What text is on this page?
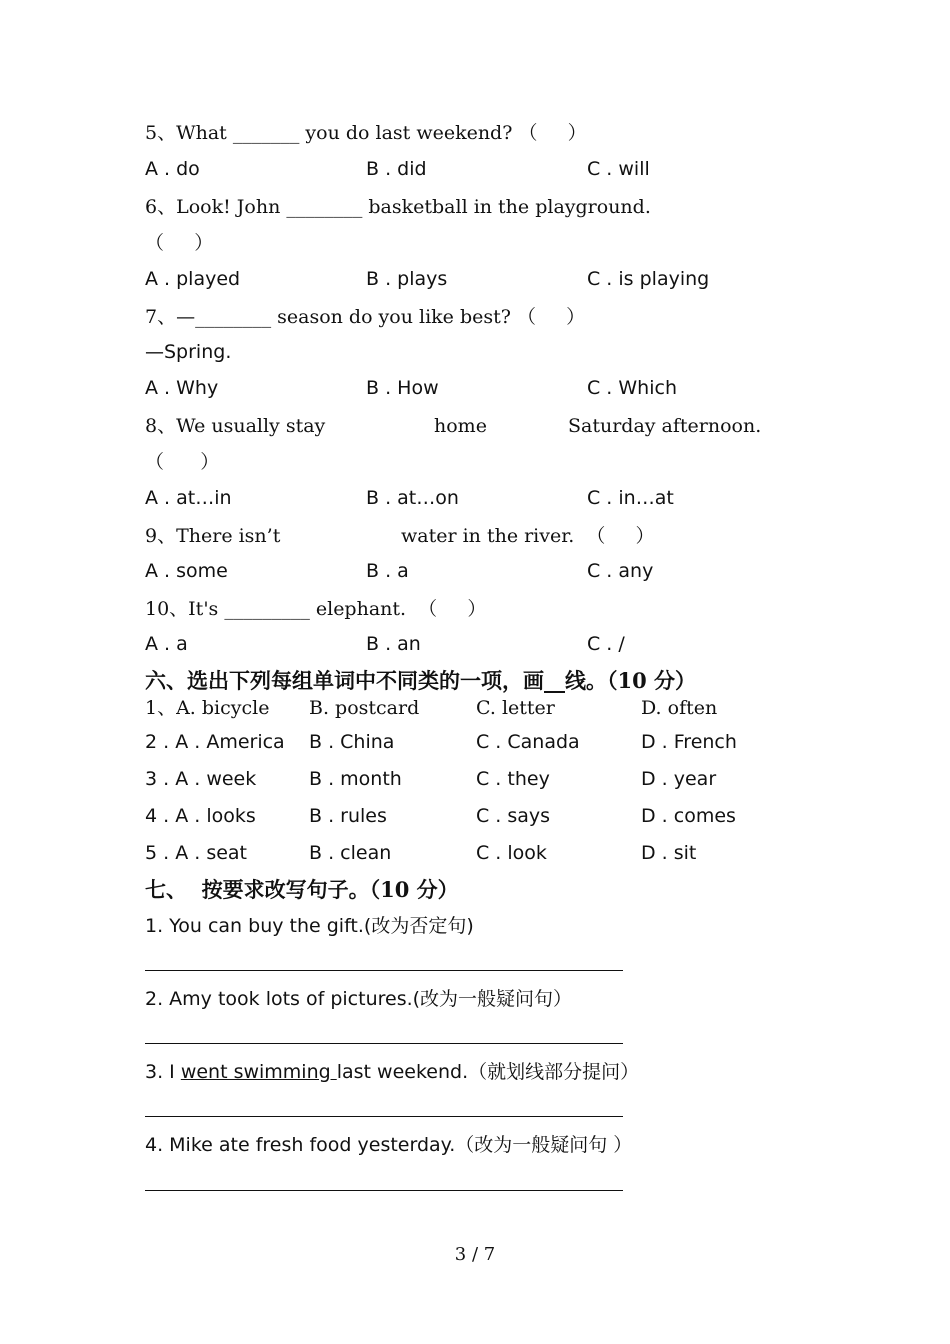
5、What _______ you do last weekend? （     ）
A . do	B . did	C . will
6、Look! John ________ basketball in the playground.
（     ）
A . played	B . plays	C . is playing
7、—________ season do you like best? （     ）
—Spring.
A . Why	B . How	C . Which
8、We usually stay	home	Saturday afternoon.
（      ）
A . at…in	B . at…on	C . in…at
9、There isn’t	water in the river.  （     ）
A . some	B . a	C . any
10、It's _________ elephant.  （     ）
A . a	B . an	C . /
六、选出下列每组单词中不同类的一项，画__线。（10 分）
1、A. bicycle B. postcard	C. letter	D. often
2 . A . America B . China	C . Canada	D . French
3 . A . week	B . month	C . they	D . year
4 . A . looks	B . rules	C . says	D . comes
5 . A . seat	B . clean	C . look	D . sit
七、  按要求改写句子。（10 分）
1. You can buy the gift.(改为否定句)
2. Amy took lots of pictures.(改为一般疑问句）
3. I went swimming last weekend.（就划线部分提问）
4. Mike ate fresh food yesterday.（改为一般疑问句 ）
3 / 7
